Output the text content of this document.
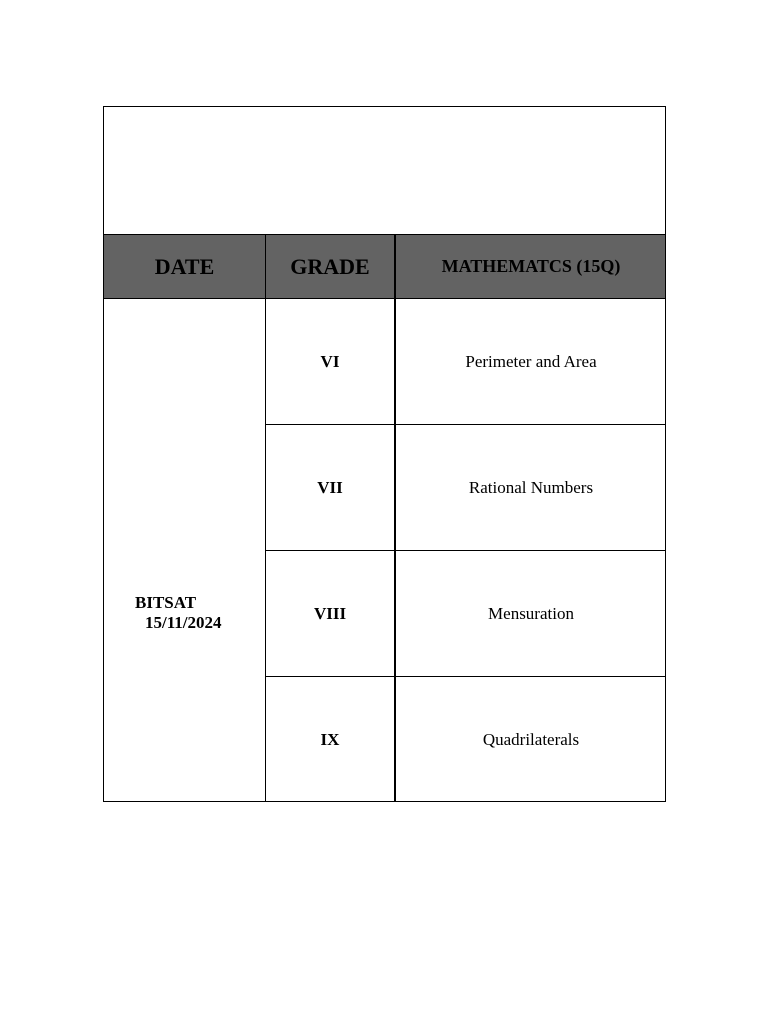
DATE	GRADE	MATHEMATCS (15Q)
BITSAT
15/11/2024
VI	Perimeter and Area
VII	Rational Numbers
VIII	Mensuration
IX	Quadrilaterals
